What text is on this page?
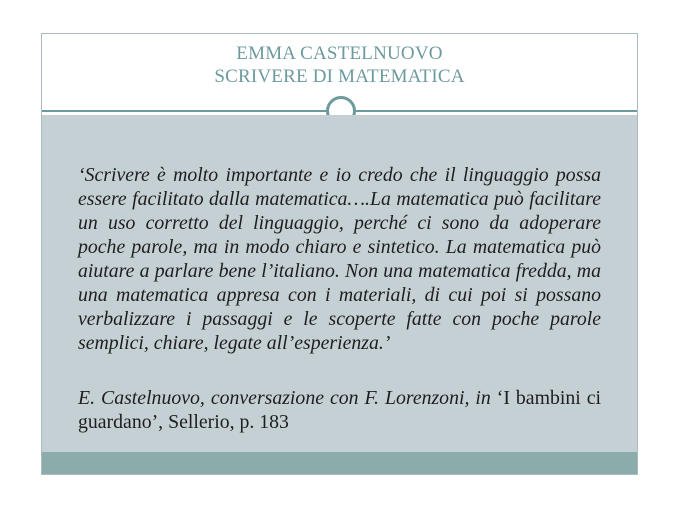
EMMA CASTELNUOVO
SCRIVERE DI MATEMATICA

‘Scrivere è molto importante e io credo che il linguaggio possa essere facilitato dalla matematica….La matematica può facilitare un uso corretto del linguaggio, perché ci sono da adoperare poche parole, ma in modo chiaro e sintetico. La matematica può aiutare a parlare bene l’italiano. Non una matematica fredda, ma una matematica appresa con i materiali, di cui poi si possano verbalizzare i passaggi e le scoperte fatte con poche parole semplici, chiare, legate all’esperienza.’

E. Castelnuovo, conversazione con F. Lorenzoni, in ‘I bambini ci guardano’, Sellerio, p. 183
